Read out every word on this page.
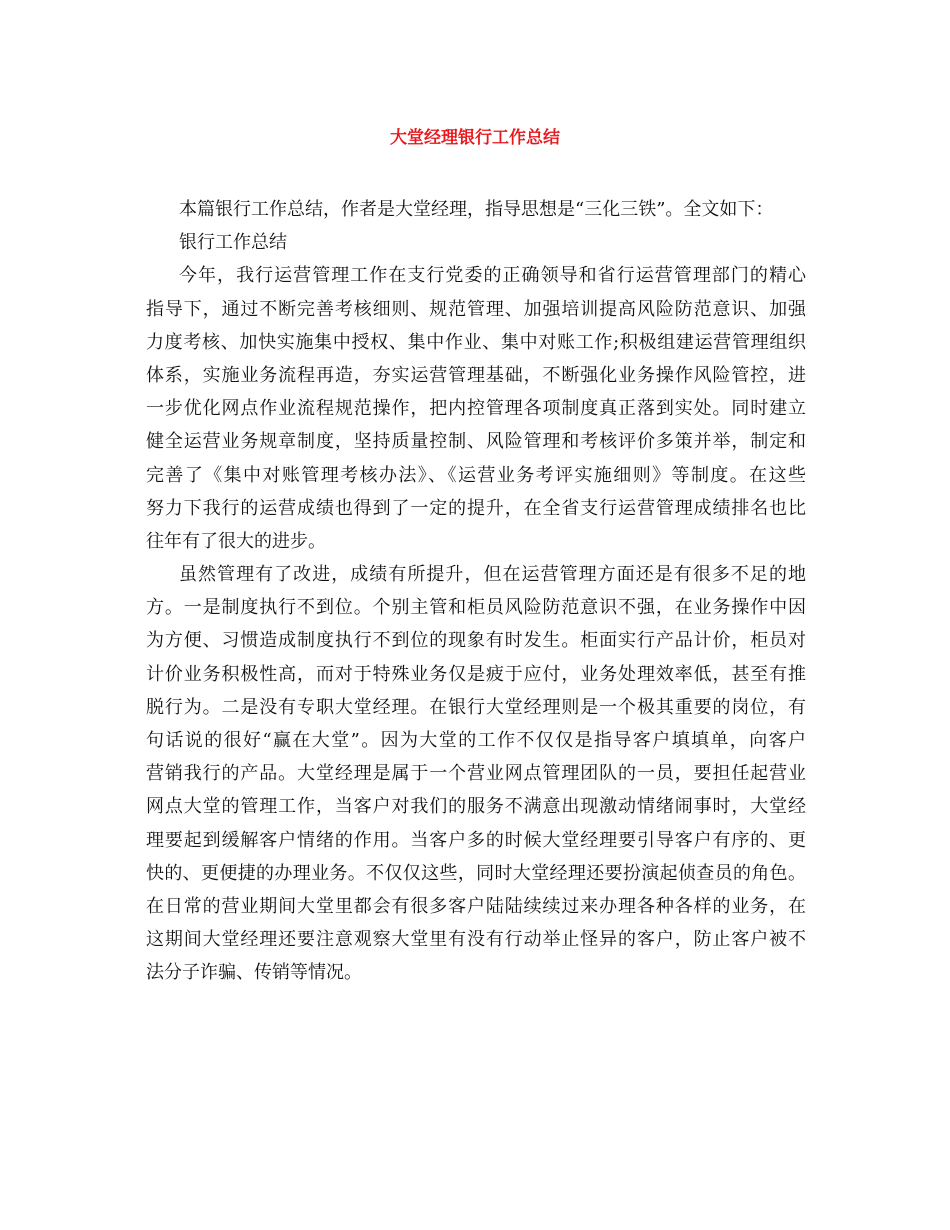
大堂经理银行工作总结
本篇银行工作总结，作者是大堂经理，指导思想是“三化三铁”。全文如下：
银行工作总结
今年，我行运营管理工作在支行党委的正确领导和省行运营管理部门的精心
指导下，通过不断完善考核细则、规范管理、加强培训提高风险防范意识、加强
力度考核、加快实施集中授权、集中作业、集中对账工作;积极组建运营管理组织
体系，实施业务流程再造，夯实运营管理基础，不断强化业务操作风险管控，进
一步优化网点作业流程规范操作，把内控管理各项制度真正落到实处。同时建立
健全运营业务规章制度，坚持质量控制、风险管理和考核评价多策并举，制定和
完善了《集中对账管理考核办法》、《运营业务考评实施细则》等制度。在这些
努力下我行的运营成绩也得到了一定的提升，在全省支行运营管理成绩排名也比
往年有了很大的进步。
虽然管理有了改进，成绩有所提升，但在运营管理方面还是有很多不足的地
方。一是制度执行不到位。个别主管和柜员风险防范意识不强，在业务操作中因
为方便、习惯造成制度执行不到位的现象有时发生。柜面实行产品计价，柜员对
计价业务积极性高，而对于特殊业务仅是疲于应付，业务处理效率低，甚至有推
脱行为。二是没有专职大堂经理。在银行大堂经理则是一个极其重要的岗位，有
句话说的很好“赢在大堂”。因为大堂的工作不仅仅是指导客户填填单，向客户
营销我行的产品。大堂经理是属于一个营业网点管理团队的一员，要担任起营业
网点大堂的管理工作，当客户对我们的服务不满意出现激动情绪闹事时，大堂经
理要起到缓解客户情绪的作用。当客户多的时候大堂经理要引导客户有序的、更
快的、更便捷的办理业务。不仅仅这些，同时大堂经理还要扮演起侦查员的角色。
在日常的营业期间大堂里都会有很多客户陆陆续续过来办理各种各样的业务，在
这期间大堂经理还要注意观察大堂里有没有行动举止怪异的客户，防止客户被不
法分子诈骗、传销等情况。
